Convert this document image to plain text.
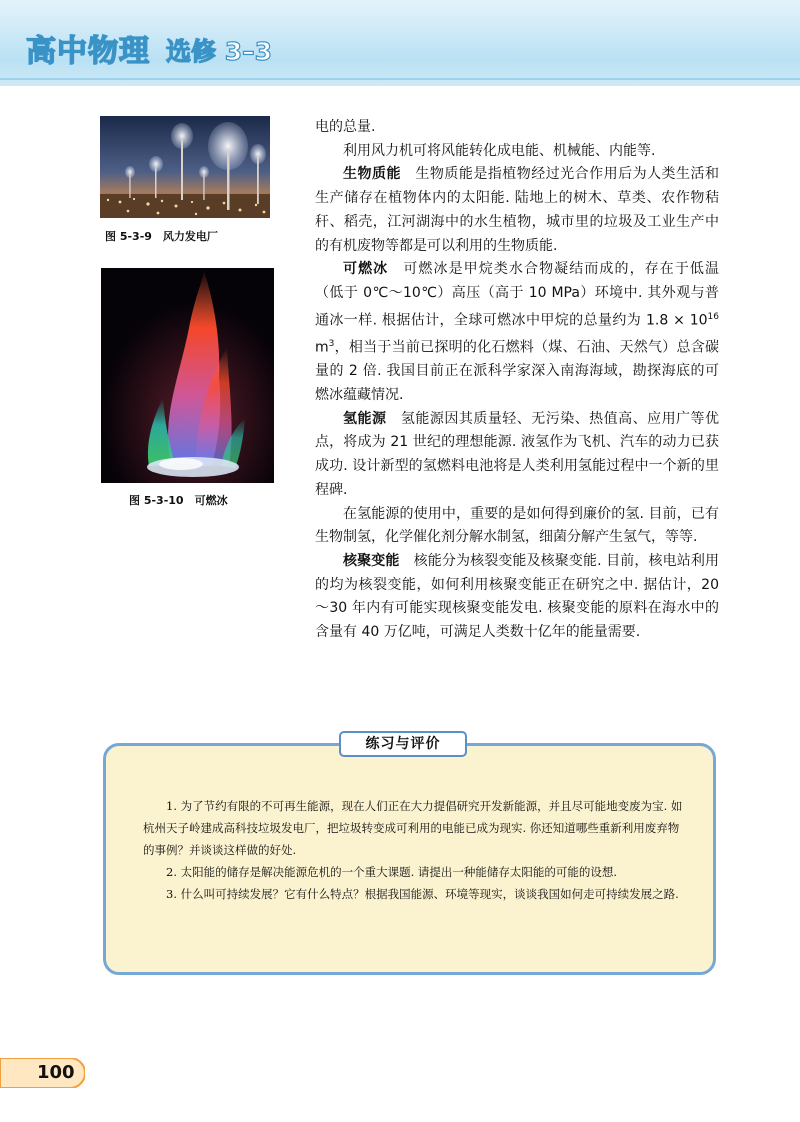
高中物理 选修 3–3
图 5-3-9　风力发电厂
图 5-3-10　可燃冰

电的总量.

利用风力机可将风能转化成电能、机械能、内能等.

生物质能　生物质能是指植物经过光合作用后为人类生活和生产储存在植物体内的太阳能. 陆地上的树木、草类、农作物秸秆、稻壳，江河湖海中的水生植物，城市里的垃圾及工业生产中的有机废物等都是可以利用的生物质能.

可燃冰　可燃冰是甲烷类水合物凝结而成的，存在于低温（低于 0℃～10℃）高压（高于 10 MPa）环境中. 其外观与普通冰一样. 根据估计，全球可燃冰中甲烷的总量约为 $1.8 \times 10^{16}$ $m^3$，相当于当前已探明的化石燃料（煤、石油、天然气）总含碳量的 2 倍. 我国目前正在派科学家深入南海海域，勘探海底的可燃冰蕴藏情况.

氢能源　氢能源因其质量轻、无污染、热值高、应用广等优点，将成为 21 世纪的理想能源. 液氢作为飞机、汽车的动力已获成功. 设计新型的氢燃料电池将是人类利用氢能过程中一个新的里程碑.

在氢能源的使用中，重要的是如何得到廉价的氢. 目前，已有生物制氢，化学催化剂分解水制氢，细菌分解产生氢气，等等.

核聚变能　核能分为核裂变能及核聚变能. 目前，核电站利用的均为核裂变能，如何利用核聚变能正在研究之中. 据估计，20～30 年内有可能实现核聚变能发电. 核聚变能的原料在海水中的含量有 40 万亿吨，可满足人类数十亿年的能量需要.

练习与评价

1. 为了节约有限的不可再生能源，现在人们正在大力提倡研究开发新能源，并且尽可能地变废为宝. 如杭州天子岭建成高科技垃圾发电厂，把垃圾转变成可利用的电能已成为现实. 你还知道哪些重新利用废弃物的事例？并谈谈这样做的好处.

2. 太阳能的储存是解决能源危机的一个重大课题. 请提出一种能储存太阳能的可能的设想.

3. 什么叫可持续发展？它有什么特点？根据我国能源、环境等现实，谈谈我国如何走可持续发展之路.

100
